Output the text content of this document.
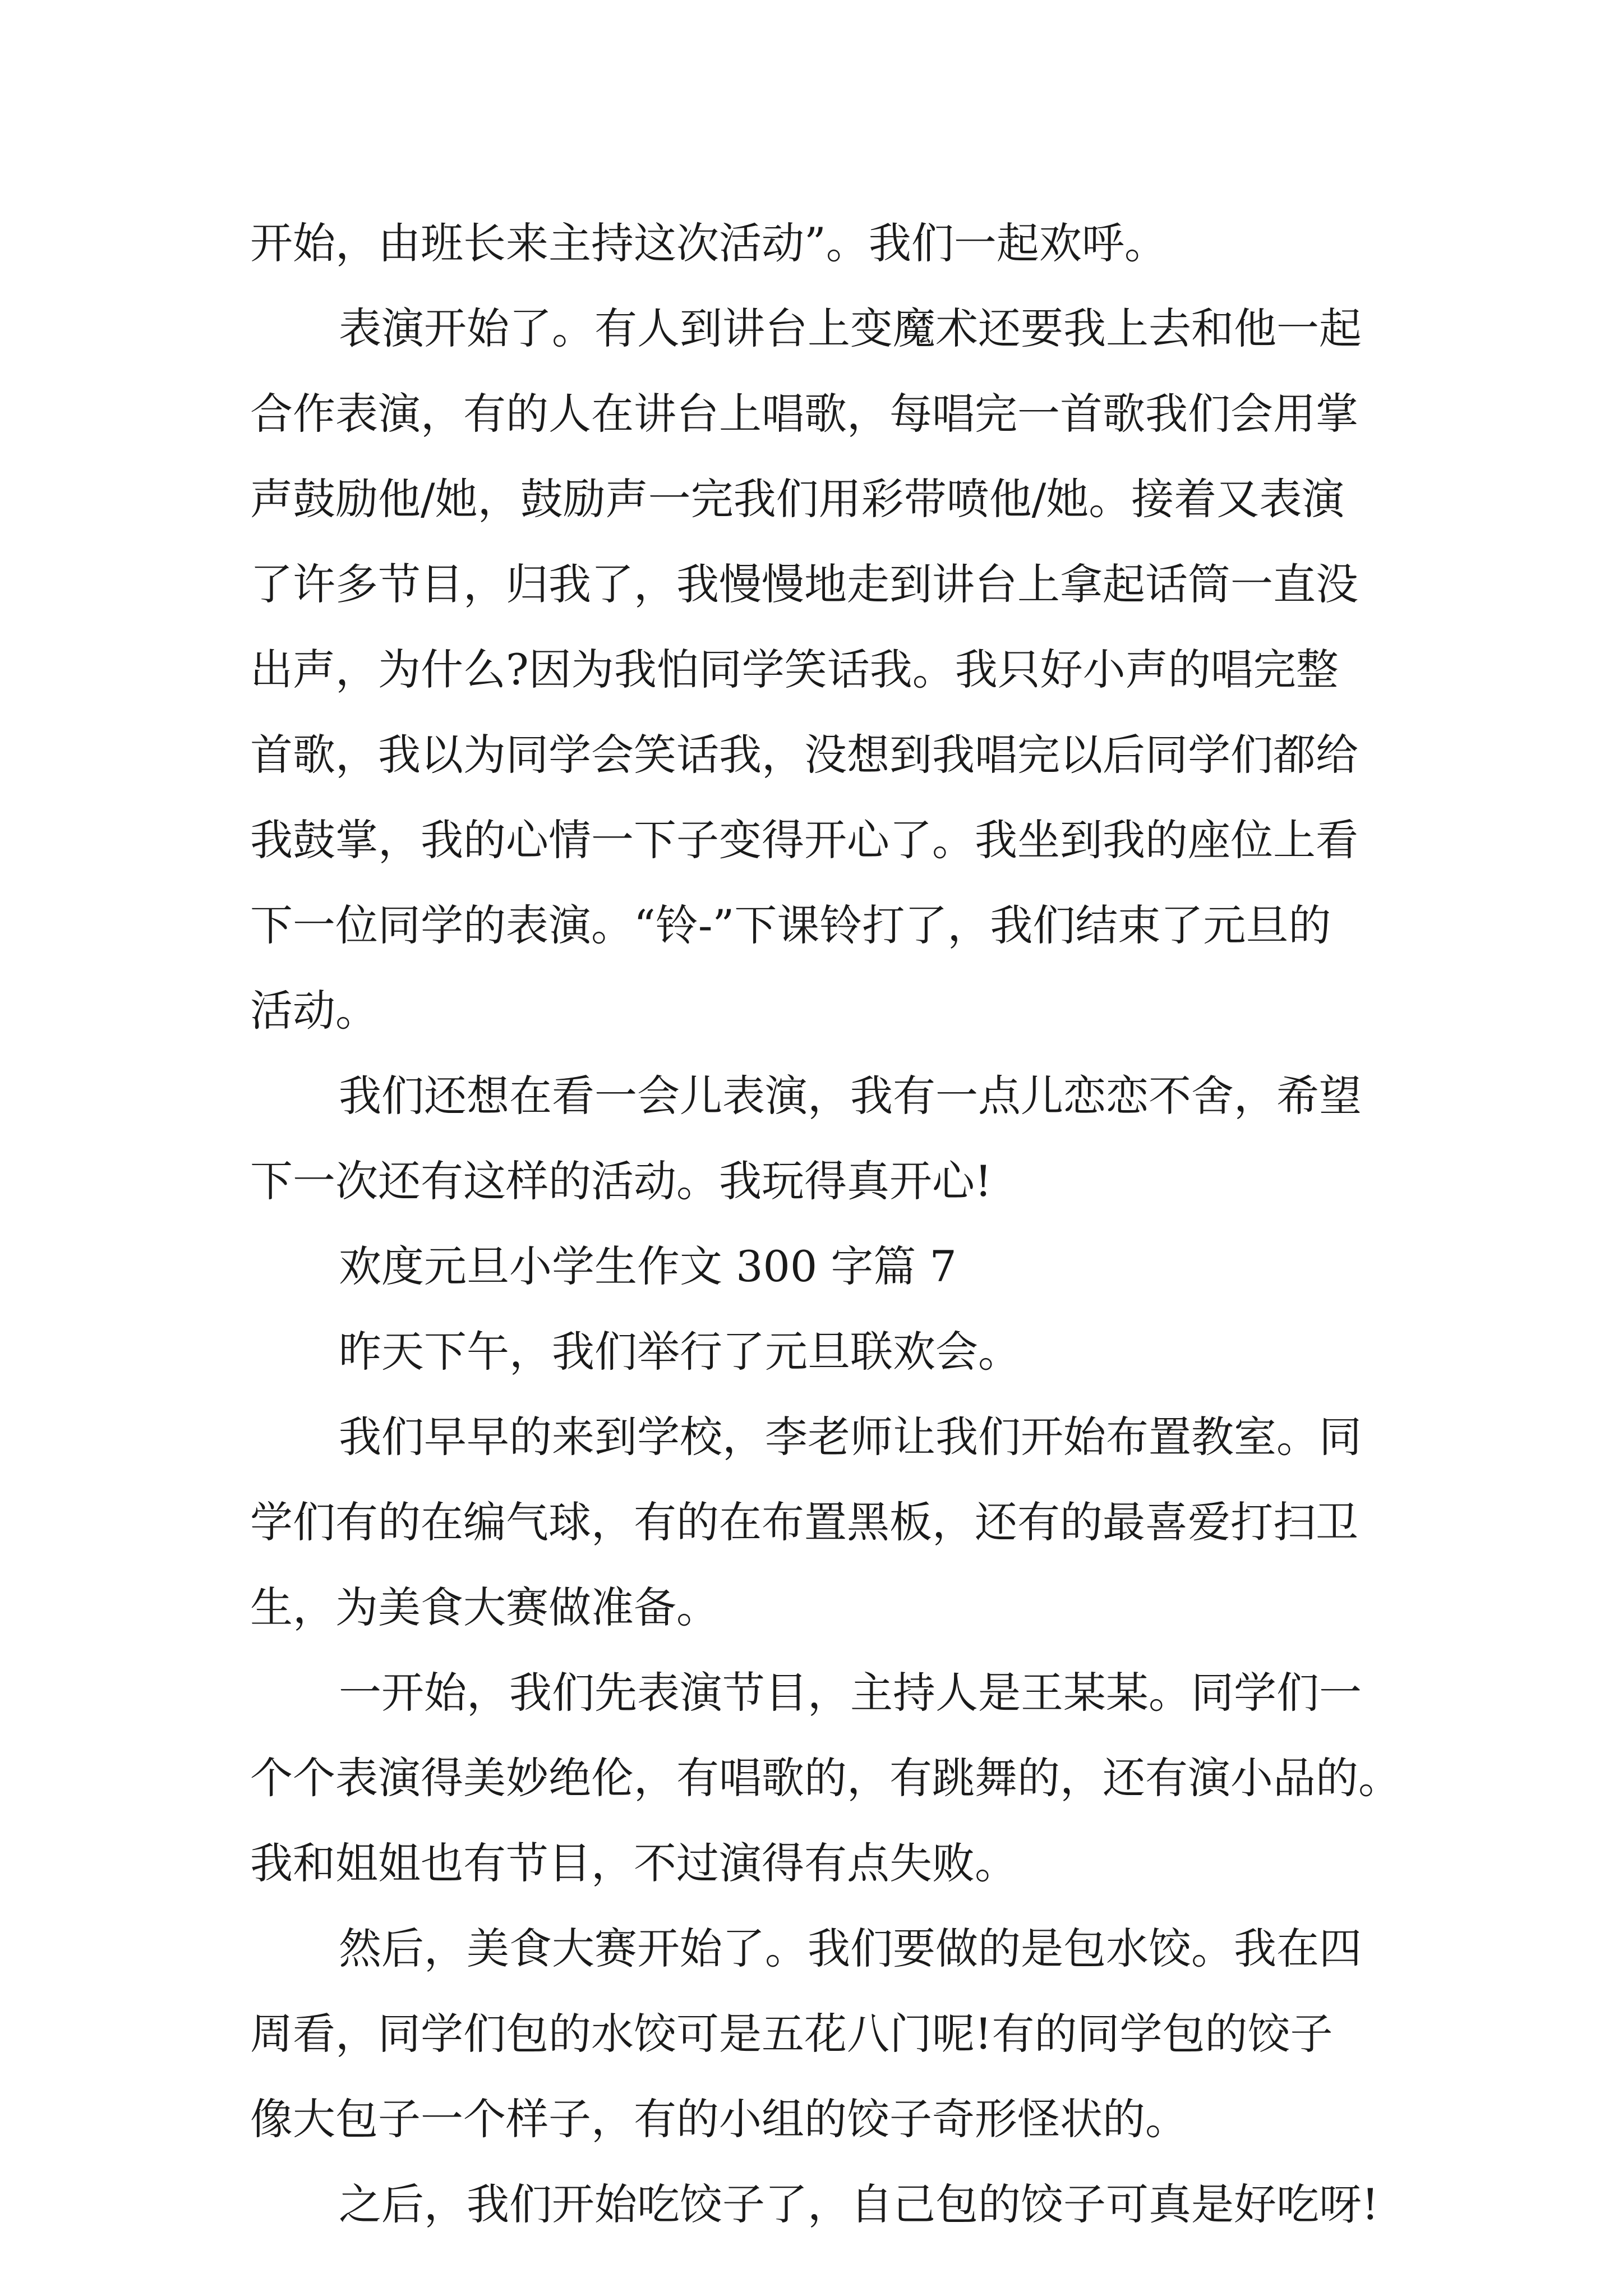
开始，由班长来主持这次活动”。我们一起欢呼。
表演开始了。有人到讲台上变魔术还要我上去和他一起
合作表演，有的人在讲台上唱歌，每唱完一首歌我们会用掌
声鼓励他/她，鼓励声一完我们用彩带喷他/她。接着又表演
了许多节目，归我了，我慢慢地走到讲台上拿起话筒一直没
出声，为什么?因为我怕同学笑话我。我只好小声的唱完整
首歌，我以为同学会笑话我，没想到我唱完以后同学们都给
我鼓掌，我的心情一下子变得开心了。我坐到我的座位上看
下一位同学的表演。“铃-”下课铃打了，我们结束了元旦的
活动。
我们还想在看一会儿表演，我有一点儿恋恋不舍，希望
下一次还有这样的活动。我玩得真开心!
欢度元旦小学生作文 300 字篇 7
昨天下午，我们举行了元旦联欢会。
我们早早的来到学校，李老师让我们开始布置教室。同
学们有的在编气球，有的在布置黑板，还有的最喜爱打扫卫
生，为美食大赛做准备。
一开始，我们先表演节目，主持人是王某某。同学们一
个个表演得美妙绝伦，有唱歌的，有跳舞的，还有演小品的。
我和姐姐也有节目，不过演得有点失败。
然后，美食大赛开始了。我们要做的是包水饺。我在四
周看，同学们包的水饺可是五花八门呢!有的同学包的饺子
像大包子一个样子，有的小组的饺子奇形怪状的。
之后，我们开始吃饺子了，自己包的饺子可真是好吃呀!
